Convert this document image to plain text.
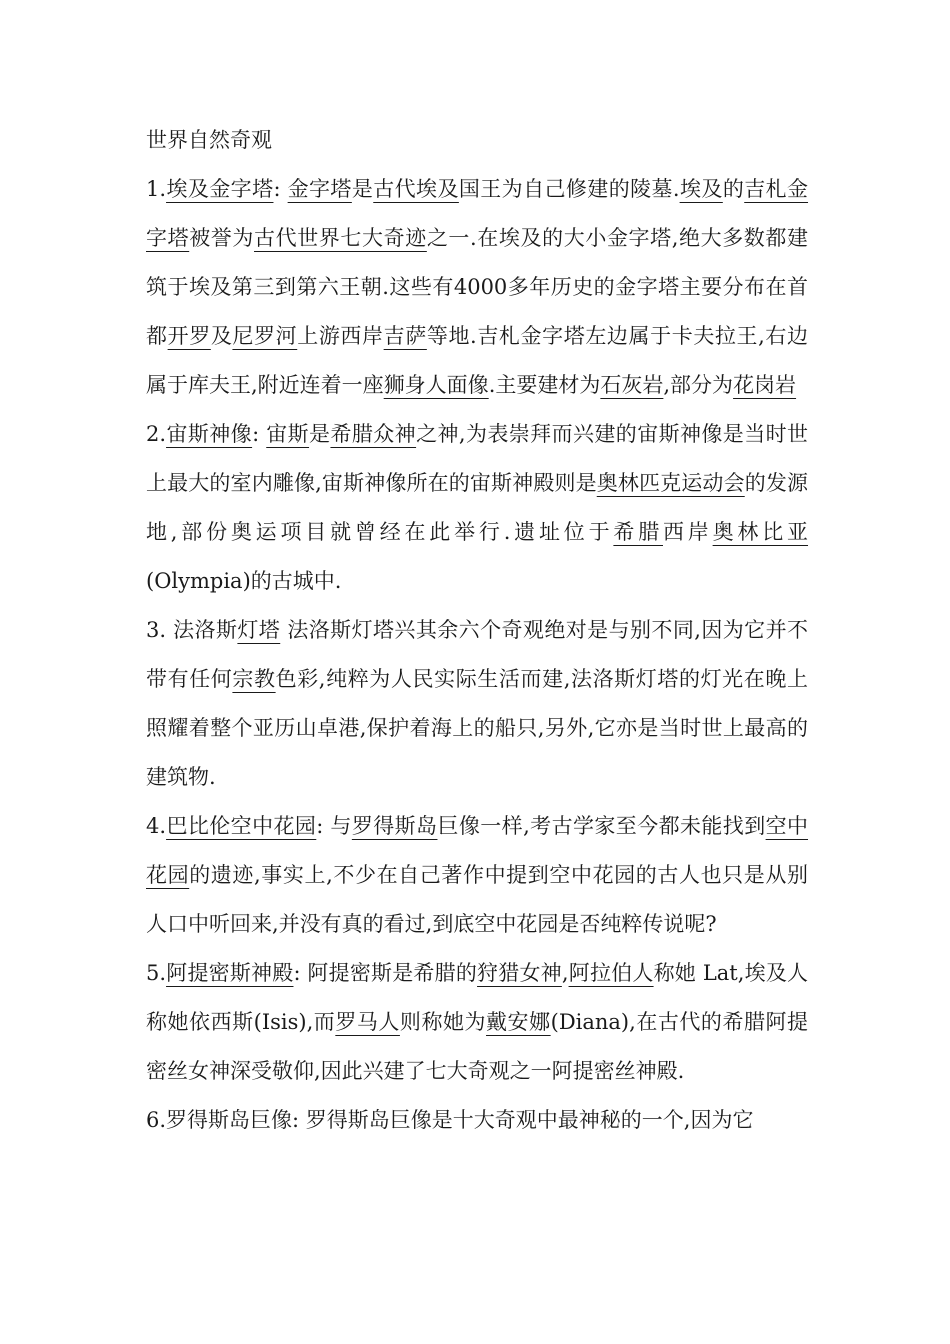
世界自然奇观
1.埃及金字塔: 金字塔是古代埃及国王为自己修建的陵墓.埃及的吉札金字塔被誉为古代世界七大奇迹之一.在埃及的大小金字塔,绝大多数都建筑于埃及第三到第六王朝.这些有4000多年历史的金字塔主要分布在首都开罗及尼罗河上游西岸吉萨等地.吉札金字塔左边属于卡夫拉王,右边属于库夫王,附近连着一座狮身人面像.主要建材为石灰岩,部分为花岗岩
2.宙斯神像: 宙斯是希腊众神之神,为表崇拜而兴建的宙斯神像是当时世上最大的室内雕像,宙斯神像所在的宙斯神殿则是奥林匹克运动会的发源地,部份奥运项目就曾经在此举行.遗址位于希腊西岸奥林比亚(Olympia)的古城中.
3. 法洛斯灯塔 法洛斯灯塔兴其余六个奇观绝对是与别不同,因为它并不带有任何宗教色彩,纯粹为人民实际生活而建,法洛斯灯塔的灯光在晚上照耀着整个亚历山卓港,保护着海上的船只,另外,它亦是当时世上最高的建筑物.
4.巴比伦空中花园: 与罗得斯岛巨像一样,考古学家至今都未能找到空中花园的遗迹,事实上,不少在自己著作中提到空中花园的古人也只是从别人口中听回来,并没有真的看过,到底空中花园是否纯粹传说呢?
5.阿提密斯神殿: 阿提密斯是希腊的狩猎女神,阿拉伯人称她 Lat,埃及人称她依西斯(Isis),而罗马人则称她为戴安娜(Diana),在古代的希腊阿提密丝女神深受敬仰,因此兴建了七大奇观之一阿提密丝神殿.
6.罗得斯岛巨像: 罗得斯岛巨像是十大奇观中最神秘的一个,因为它
